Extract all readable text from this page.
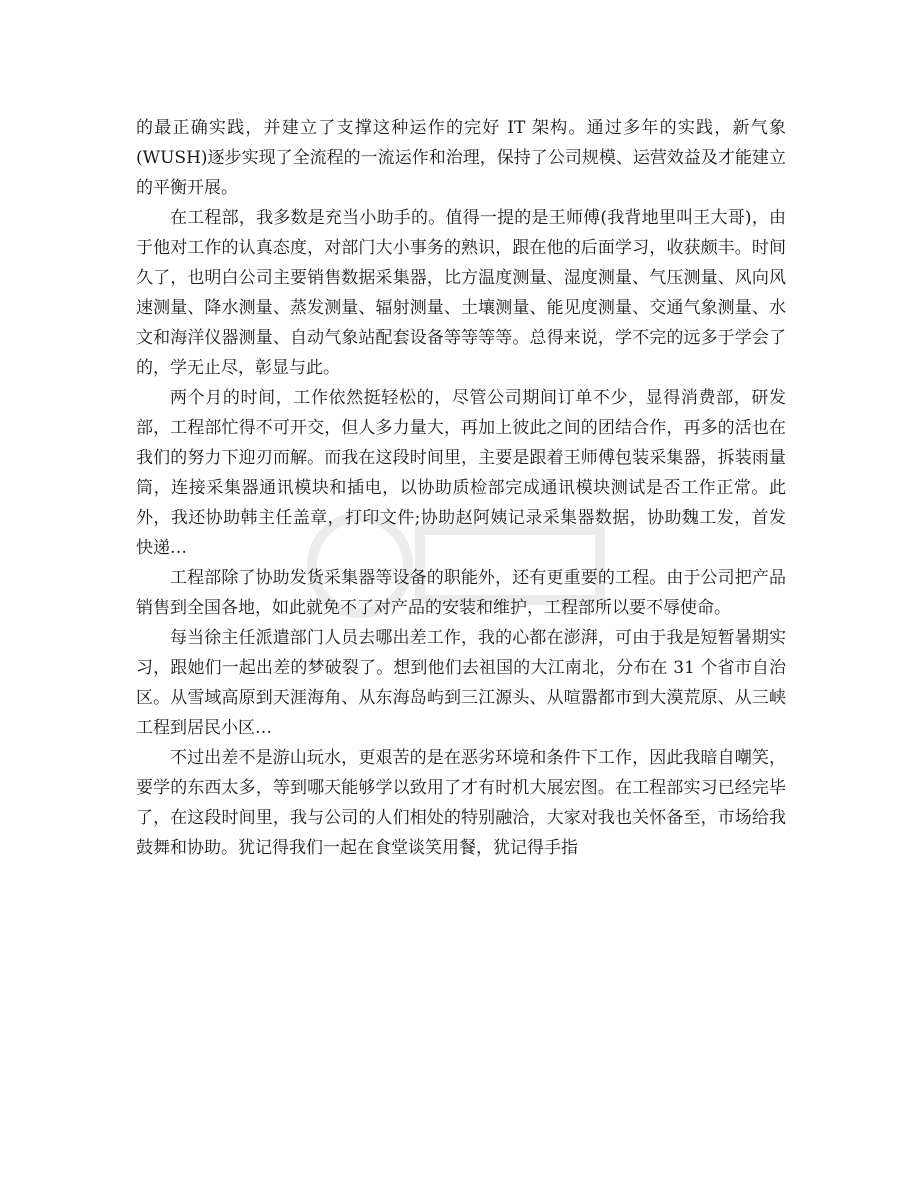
的最正确实践，并建立了支撑这种运作的完好 IT 架构。通过多年的实践，新气象(WUSH)逐步实现了全流程的一流运作和治理，保持了公司规模、运营效益及才能建立的平衡开展。

在工程部，我多数是充当小助手的。值得一提的是王师傅(我背地里叫王大哥)，由于他对工作的认真态度，对部门大小事务的熟识，跟在他的后面学习，收获颇丰。时间久了，也明白公司主要销售数据采集器，比方温度测量、湿度测量、气压测量、风向风速测量、降水测量、蒸发测量、辐射测量、土壤测量、能见度测量、交通气象测量、水文和海洋仪器测量、自动气象站配套设备等等等等。总得来说，学不完的远多于学会了的，学无止尽，彰显与此。

两个月的时间，工作依然挺轻松的，尽管公司期间订单不少，显得消费部，研发部，工程部忙得不可开交，但人多力量大，再加上彼此之间的团结合作，再多的活也在我们的努力下迎刃而解。而我在这段时间里，主要是跟着王师傅包装采集器，拆装雨量筒，连接采集器通讯模块和插电，以协助质检部完成通讯模块测试是否工作正常。此外，我还协助韩主任盖章，打印文件;协助赵阿姨记录采集器数据，协助魏工发，首发快递…

工程部除了协助发货采集器等设备的职能外，还有更重要的工程。由于公司把产品销售到全国各地，如此就免不了对产品的安装和维护，工程部所以要不辱使命。

每当徐主任派遣部门人员去哪出差工作，我的心都在澎湃，可由于我是短暂暑期实习，跟她们一起出差的梦破裂了。想到他们去祖国的大江南北，分布在 31 个省市自治区。从雪域高原到天涯海角、从东海岛屿到三江源头、从喧嚣都市到大漠荒原、从三峡工程到居民小区…

不过出差不是游山玩水，更艰苦的是在恶劣环境和条件下工作，因此我暗自嘲笑，要学的东西太多，等到哪天能够学以致用了才有时机大展宏图。在工程部实习已经完毕了，在这段时间里，我与公司的人们相处的特别融洽，大家对我也关怀备至，市场给我鼓舞和协助。犹记得我们一起在食堂谈笑用餐，犹记得手指
